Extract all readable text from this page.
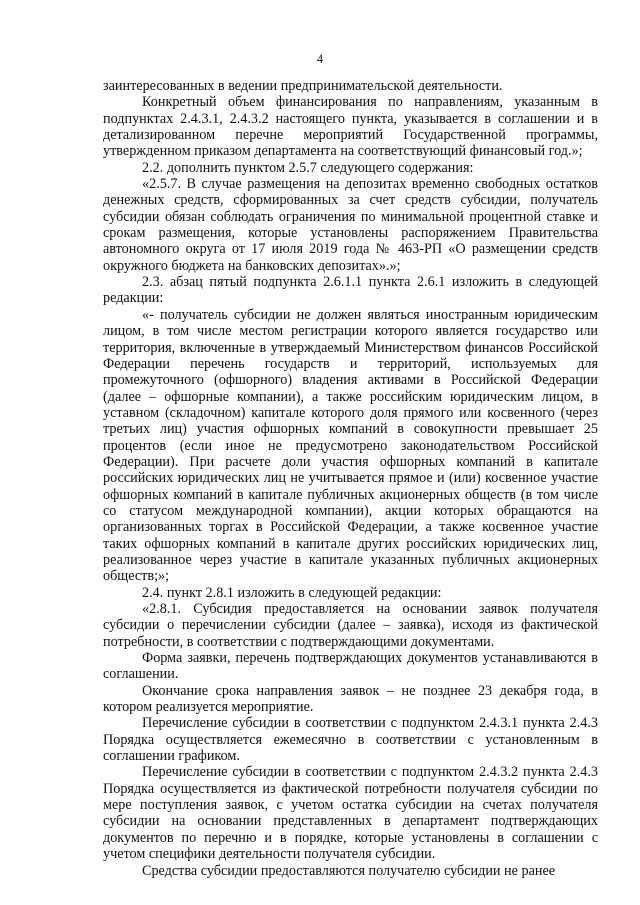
4

заинтересованных в ведении предпринимательской деятельности.

Конкретный объем финансирования по направлениям, указанным в подпунктах 2.4.3.1, 2.4.3.2 настоящего пункта, указывается в соглашении и в детализированном перечне мероприятий Государственной программы, утвержденном приказом департамента на соответствующий финансовый год.»;

2.2. дополнить пунктом 2.5.7 следующего содержания:

«2.5.7. В случае размещения на депозитах временно свободных остатков денежных средств, сформированных за счет средств субсидии, получатель субсидии обязан соблюдать ограничения по минимальной процентной ставке и срокам размещения, которые установлены распоряжением Правительства автономного округа от 17 июля 2019 года № 463-РП «О размещении средств окружного бюджета на банковских депозитах».»;

2.3. абзац пятый подпункта 2.6.1.1 пункта 2.6.1 изложить в следующей редакции:

«- получатель субсидии не должен являться иностранным юридическим лицом, в том числе местом регистрации которого является государство или территория, включенные в утверждаемый Министерством финансов Российской Федерации перечень государств и территорий, используемых для промежуточного (офшорного) владения активами в Российской Федерации (далее – офшорные компании), а также российским юридическим лицом, в уставном (складочном) капитале которого доля прямого или косвенного (через третьих лиц) участия офшорных компаний в совокупности превышает 25 процентов (если иное не предусмотрено законодательством Российской Федерации). При расчете доли участия офшорных компаний в капитале российских юридических лиц не учитывается прямое и (или) косвенное участие офшорных компаний в капитале публичных акционерных обществ (в том числе со статусом международной компании), акции которых обращаются на организованных торгах в Российской Федерации, а также косвенное участие таких офшорных компаний в капитале других российских юридических лиц, реализованное через участие в капитале указанных публичных акционерных обществ;»;

2.4. пункт 2.8.1 изложить в следующей редакции:

«2.8.1. Субсидия предоставляется на основании заявок получателя субсидии о перечислении субсидии (далее – заявка), исходя из фактической потребности, в соответствии с подтверждающими документами.

Форма заявки, перечень подтверждающих документов устанавливаются в соглашении.

Окончание срока направления заявок – не позднее 23 декабря года, в котором реализуется мероприятие.

Перечисление субсидии в соответствии с подпунктом 2.4.3.1 пункта 2.4.3 Порядка осуществляется ежемесячно в соответствии с установленным в соглашении графиком.

Перечисление субсидии в соответствии с подпунктом 2.4.3.2 пункта 2.4.3 Порядка осуществляется из фактической потребности получателя субсидии по мере поступления заявок, с учетом остатка субсидии на счетах получателя субсидии на основании представленных в департамент подтверждающих документов по перечню и в порядке, которые установлены в соглашении с учетом специфики деятельности получателя субсидии.

Средства субсидии предоставляются получателю субсидии не ранее
